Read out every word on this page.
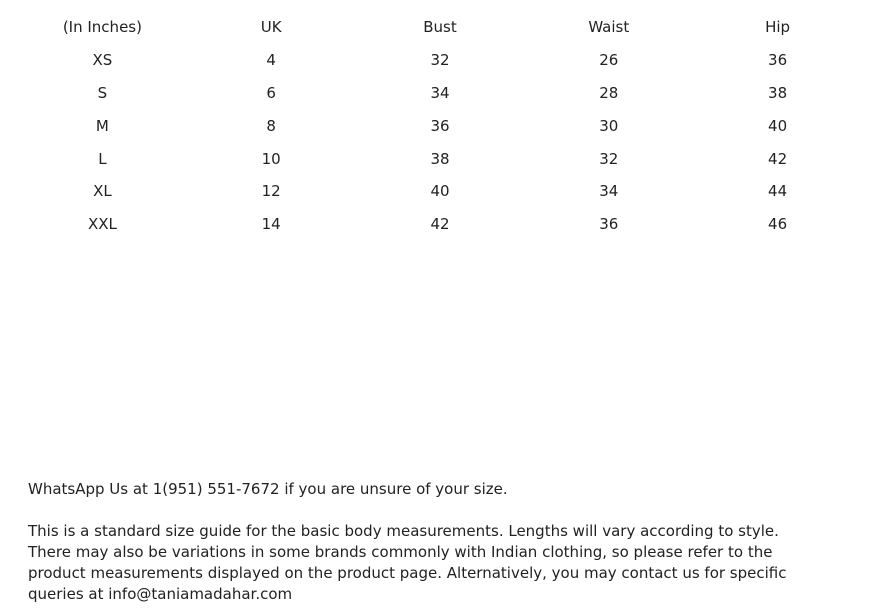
(In Inches)	UK	Bust	Waist	Hip
XS	4	32	26	36
S	6	34	28	38
M	8	36	30	40
L	10	38	32	42
XL	12	40	34	44
XXL	14	42	36	46

WhatsApp Us at 1(951) 551-7672 if you are unsure of your size.

This is a standard size guide for the basic body measurements. Lengths will vary according to style.
There may also be variations in some brands commonly with Indian clothing, so please refer to the
product measurements displayed on the product page. Alternatively, you may contact us for specific
queries at info@taniamadahar.com
